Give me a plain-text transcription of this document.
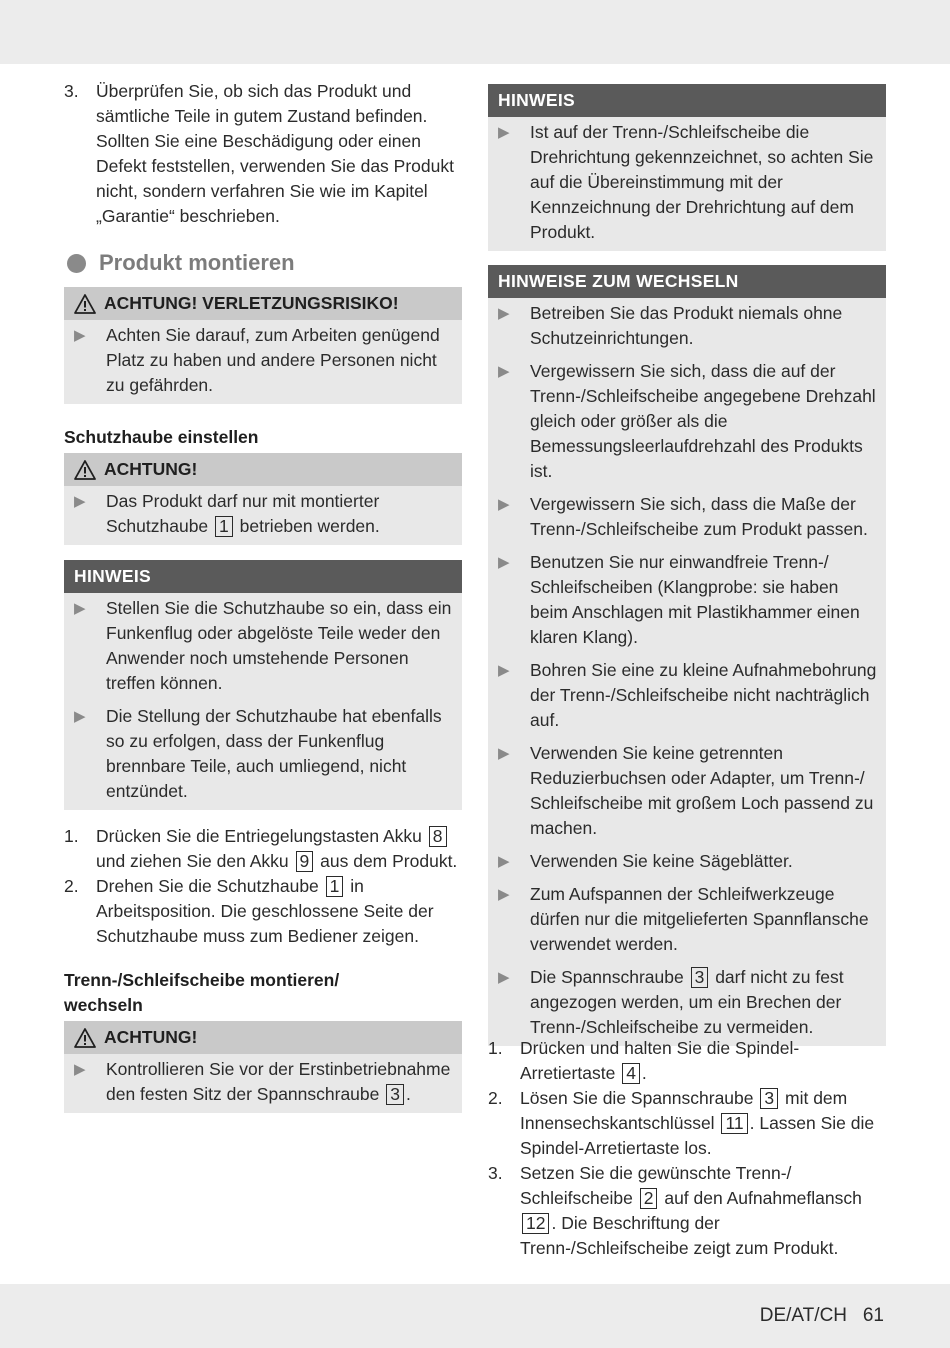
3. Überprüfen Sie, ob sich das Produkt und sämtliche Teile in gutem Zustand befinden. Sollten Sie eine Beschädigung oder einen Defekt feststellen, verwenden Sie das Produkt nicht, sondern verfahren Sie wie im Kapitel „Garantie“ beschrieben.
Produkt montieren
ACHTUNG! VERLETZUNGSRISIKO!
▶	Achten Sie darauf, zum Arbeiten genügend Platz zu haben und andere Personen nicht zu gefährden.
Schutzhaube einstellen
ACHTUNG!
▶	Das Produkt darf nur mit montierter Schutzhaube 1 betrieben werden.
HINWEIS
▶	Stellen Sie die Schutzhaube so ein, dass ein Funkenflug oder abgelöste Teile weder den Anwender noch umstehende Personen treffen können.
▶	Die Stellung der Schutzhaube hat ebenfalls so zu erfolgen, dass der Funkenflug brennbare Teile, auch umliegend, nicht entzündet.
1. Drücken Sie die Entriegelungstasten Akku 8 und ziehen Sie den Akku 9 aus dem Produkt.
2. Drehen Sie die Schutzhaube 1 in Arbeitsposition. Die geschlossene Seite der Schutzhaube muss zum Bediener zeigen.
Trenn-/Schleifscheibe montieren/ wechseln
ACHTUNG!
▶	Kontrollieren Sie vor der Erstinbetriebnahme den festen Sitz der Spannschraube 3 .
HINWEIS
▶	Ist auf der Trenn-/Schleifscheibe die Drehrichtung gekennzeichnet, so achten Sie auf die Übereinstimmung mit der Kennzeichnung der Drehrichtung auf dem Produkt.
HINWEISE ZUM WECHSELN
▶	Betreiben Sie das Produkt niemals ohne Schutzeinrichtungen.
▶	Vergewissern Sie sich, dass die auf der Trenn-/Schleifscheibe angegebene Drehzahl gleich oder größer als die Bemessungsleerlaufdrehzahl des Produkts ist.
▶	Vergewissern Sie sich, dass die Maße der Trenn-/Schleifscheibe zum Produkt passen.
▶	Benutzen Sie nur einwandfreie Trenn-/ Schleifscheiben (Klangprobe: sie haben beim Anschlagen mit Plastikhammer einen klaren Klang).
▶	Bohren Sie eine zu kleine Aufnahmebohrung der Trenn-/Schleifscheibe nicht nachträglich auf.
▶	Verwenden Sie keine getrennten Reduzierbuchsen oder Adapter, um Trenn-/ Schleifscheibe mit großem Loch passend zu machen.
▶	Verwenden Sie keine Sägeblätter.
▶	Zum Aufspannen der Schleifwerkzeuge dürfen nur die mitgelieferten Spannflansche verwendet werden.
▶	Die Spannschraube 3 darf nicht zu fest angezogen werden, um ein Brechen der Trenn-/Schleifscheibe zu vermeiden.
1. Drücken und halten Sie die Spindel-Arretiertaste 4 .
2. Lösen Sie die Spannschraube 3 mit dem Innensechskantschlüssel 11 . Lassen Sie die Spindel-Arretiertaste los.
3. Setzen Sie die gewünschte Trenn-/ Schleifscheibe 2 auf den Aufnahmeflansch 12 . Die Beschriftung der Trenn-/Schleifscheibe zeigt zum Produkt.
DE/AT/CH 61
